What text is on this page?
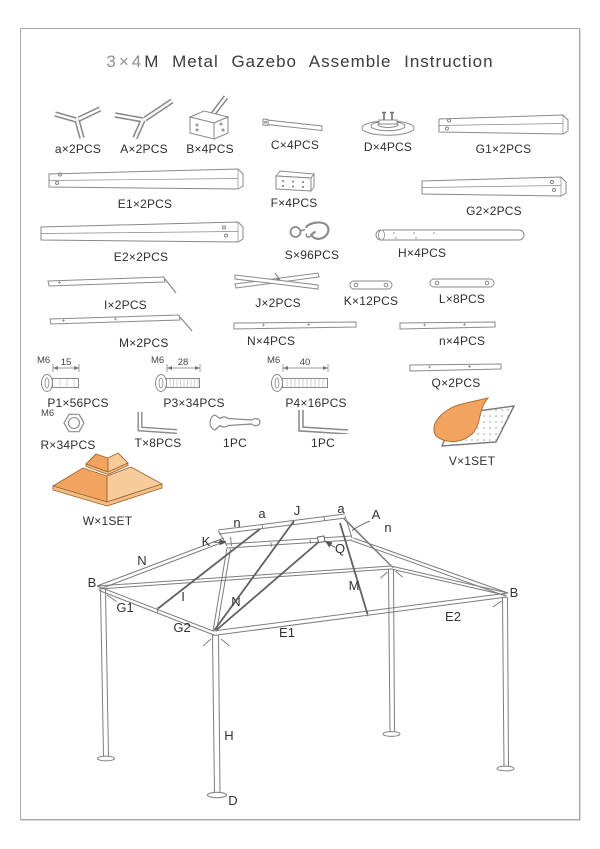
3×4M Metal Gazebo Assemble Instruction
a×2PCS A×2PCS B×4PCS	C×4PCS	D×4PCS	G1×2PCS
E1×2PCS	F×4PCS
G2×2PCS
E2×2PCS	S×96PCS	H×4PCS
I×2PCS	J×2PCS	K×12PCS	L×8PCS
M×2PCS	N×4PCS	n×4PCS
M6 15
P1×56PCS
M6 28
P3×34PCS
M6 40
P4×16PCS
Q×2PCS
M6
R×34PCS	T×8PCS	1PC	1PC
V×1SET
W×1SET	n
a J	a A
n
K	Q
N
B
B
G1
I	N
M
G2	E1
E2
H
D
